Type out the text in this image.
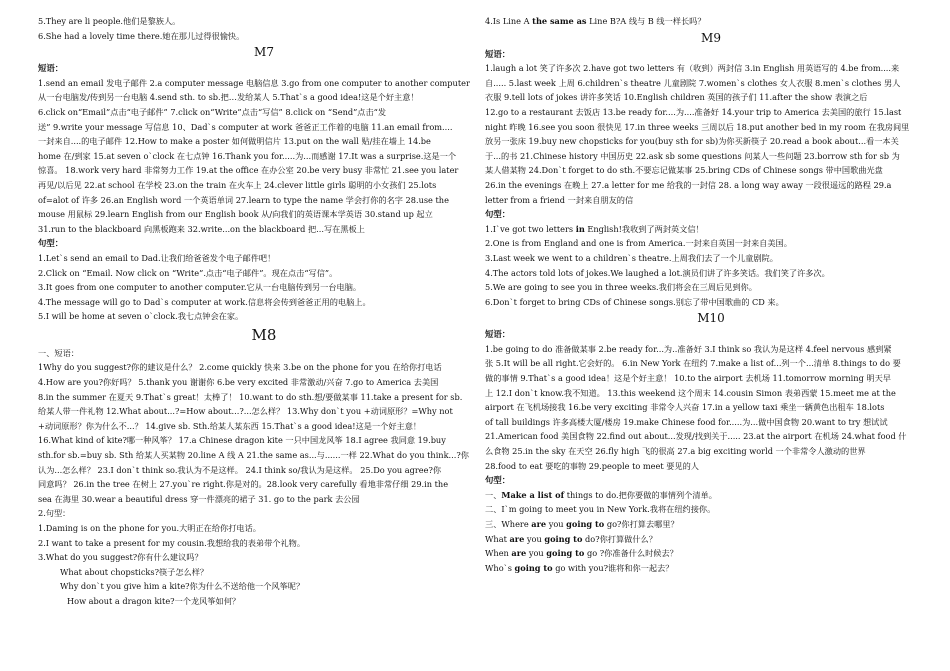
5.They are li people.他们是黎族人。

6.She had a lovely time there.她在那儿过得很愉快。

M7

短语：

1.send an email 发电子邮件 2.a computer message 电脑信息 3.go from one computer to another computer

从一台电脑发/传到另一台电脑 4.send sth. to sb.把…发给某人 5.That`s a good idea!这是个好主意！

6.click on“Email”点击“电子邮件” 7.click on“Write”点击“写信” 8.click on “Send”点击“发

送” 9.write your message 写信息 10、Dad`s computer at work 爸爸正工作着的电脑 11.an email from....

一封来自....的电子邮件 12.How to make a poster 如何做明信片 13.put on the wall 贴/挂在墙上 14.be

home 在/到家 15.at seven o`clock 在七点钟 16.Thank you for.....为...而感谢 17.It was a surprise.这是一个

惊喜。 18.work very hard 非常努力工作 19.at the office 在办公室 20.be very busy 非常忙 21.see you later

再见/以后见 22.at school 在学校 23.on the train 在火车上 24.clever little girls 聪明的小女孩们 25.lots

of=alot of 许多 26.an English word 一个英语单词 27.learn to type the name 学会打你的名字 28.use the

mouse 用鼠标 29.learn English from our English book 从/向我们的英语课本学英语 30.stand up 起立

31.run to the blackboard 向黑板跑来 32.write...on the blackboard 把...写在黑板上

句型：

1.Let`s send an email to Dad.让我们给爸爸发个电子邮件吧！

2.Click on “Email. Now click on “Write”.点击“电子邮件”。现在点击“写信”。

3.It goes from one computer to another computer.它从一台电脑传到另一台电脑。

4.The message will go to Dad`s computer at work.信息将会传到爸爸正用的电脑上。

5.I will be home at seven o`clock.我七点钟会在家。

M8

一、短语：

1Why do you suggest?你的建议是什么？ 2.come quickly 快来 3.be on the phone for you 在给你打电话

4.How are you?你好吗？ 5.thank you 谢谢你 6.be very excited 非常激动/兴奋 7.go to America 去美国

8.in the summer 在夏天 9.That`s great！太棒了！ 10.want to do sth.想/要做某事 11.take a present for sb.

给某人带一件礼物 12.What about...?=How about...?...怎么样？ 13.Why don`t you +动词原形？=Why not

+动词原形？你为什么不...？ 14.give sb. Sth.给某人某东西 15.That`s a good idea!这是一个好主意！

16.What kind of kite?哪一种风筝？ 17.a Chinese dragon kite 一只中国龙风筝 18.I agree 我同意 19.buy

sth.for sb.=buy sb. Sth 给某人买某物 20.line A 线 A 21.the same as...与......一样 22.What do you think...?你

认为...怎么样？ 23.I don`t think so.我认为不是这样。 24.I think so/我认为是这样。 25.Do you agree?你

同意吗？ 26.in the tree 在树上 27.you`re right.你是对的。28.look very carefully 看地非常仔细 29.in the

sea 在海里 30.wear a beautiful dress 穿一件漂亮的裙子 31. go to the park 去公园

2.句型：

1.Daming is on the phone for you.大明正在给你打电话。

2.I want to take a present for my cousin.我想给我的表弟带个礼物。

3.What do you suggest?你有什么建议吗？

What about chopsticks?筷子怎么样？

Why don`t you give him a kite?你为什么不送给他一个风筝呢？

How about a dragon kite?一个龙风筝如何？

4.Is Line A the same as Line B?A 线与 B 线一样长吗？

M9

短语：

1.laugh a lot 笑了许多次 2.have got two letters 有（收到）两封信 3.in English 用英语写的 4.be from....来

自..... 5.last week 上周 6.children`s theatre 儿童剧院 7.women`s clothes 女人衣服 8.men`s clothes 男人

衣服 9.tell lots of jokes 讲许多笑话 10.English children 英国的孩子们 11.after the show 表演之后

12.go to a restaurant 去饭店 13.be ready for....为....准备好 14.your trip to America 去美国的旅行 15.last

night 昨晚 16.see you soon 很快见 17.in three weeks 三周以后 18.put another bed in my room 在我房间里

放另一张床 19.buy new chopsticks for you(buy sth for sb)为你买新筷子 20.read a book about...看一本关

于...的书 21.Chinese history 中国历史 22.ask sb some questions 问某人一些问题 23.borrow sth for sb 为

某人借某物 24.Don`t forget to do sth.不要忘记做某事 25.bring CDs of Chinese songs 带中国歌曲光盘

26.in the evenings 在晚上 27.a letter for me 给我的一封信 28. a long way away 一段很遥远的路程 29.a

letter from a friend 一封来自朋友的信

句型：

1.I`ve got two letters in English!我收到了两封英文信！

2.One is from England and one is from America.一封来自英国一封来自美国。

3.Last week we went to a children`s theatre.上周我们去了一个儿童剧院。

4.The actors told lots of jokes.We laughed a lot.演员们讲了许多笑话。我们笑了许多次。

5.We are going to see you in three weeks.我们将会在三周后见到你。

6.Don`t forget to bring CDs of Chinese songs.别忘了带中国歌曲的 CD 来。

M10

短语：

1.be going to do 准备做某事 2.be ready for...为..准备好 3.I think so 我认为是这样 4.feel nervous 感到紧

张 5.It will be all right.它会好的。 6.in New York 在纽约 7.make a list of...列一个...清单 8.things to do 要

做的事情 9.That`s a good idea！这是个好主意！ 10.to the airport 去机场 11.tomorrow morning 明天早

上 12.I don`t know.我不知道。 13.this weekend 这个周末 14.cousin Simon 表弟西蒙 15.meet me at the

airport 在飞机场接我 16.be very exciting 非常令人兴奋 17.in a yellow taxi 乘坐一辆黄色出租车 18.lots

of tall buildings 许多高楼大厦/楼房 19.make Chinese food for.....为...做中国食物 20.want to try 想试试

21.American food 美国食物 22.find out about...发现/找到关于..... 23.at the airport 在机场 24.what food 什

么食物 25.in the sky 在天空 26.fly high 飞的很高 27.a big exciting world 一个非常令人激动的世界

28.food to eat 要吃的事物 29.people to meet 要见的人

句型：

一、Make a list of things to do.把你要做的事情列个清单。

二、I`m going to meet you in New York.我将在纽约接你。

三、Where are you going to go?你打算去哪里？

What are you going to do?你打算做什么？

When are you going to go ?你准备什么时候去？

Who`s going to go with you?谁将和你一起去？
